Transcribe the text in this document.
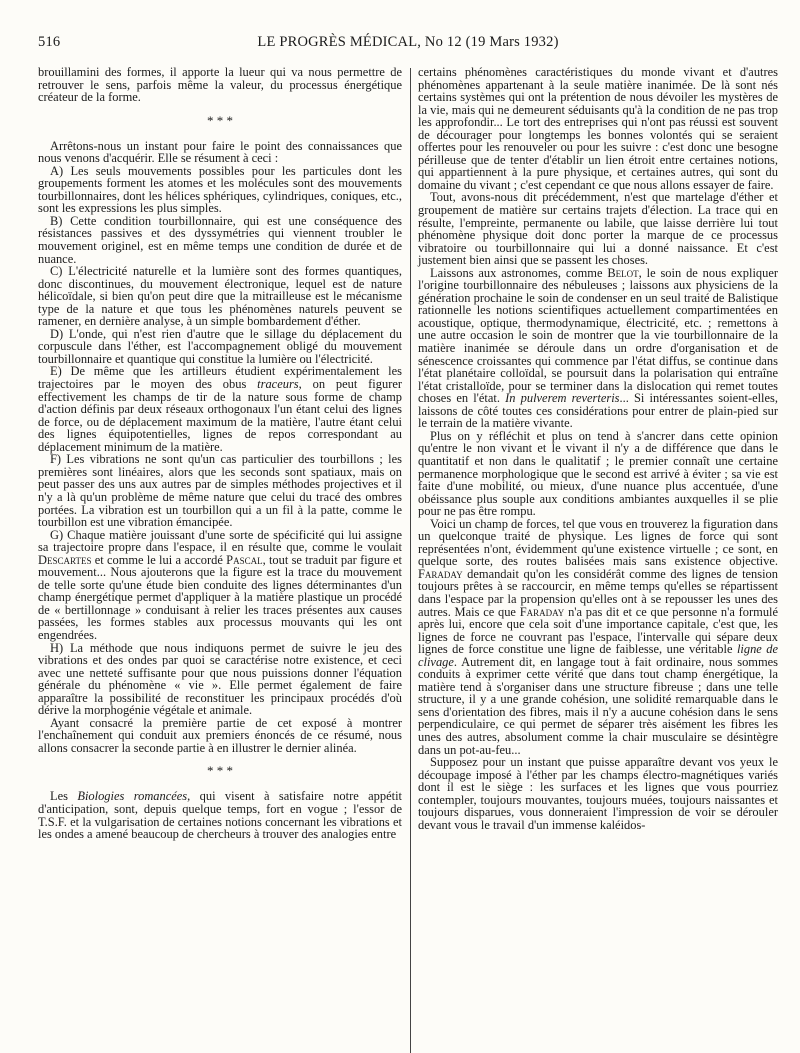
516	LE PROGRÈS MÉDICAL, No 12 (19 Mars 1932)

brouillamini des formes, il apporte la lueur qui va nous permettre de retrouver le sens, parfois même la valeur, du processus énergétique créateur de la forme.

* * *

Arrêtons-nous un instant pour faire le point des connaissances que nous venons d'acquérir. Elle se résument à ceci :

A) Les seuls mouvements possibles pour les particules dont les groupements forment les atomes et les molécules sont des mouvements tourbillonnaires, dont les hélices sphériques, cylindriques, coniques, etc., sont les expressions les plus simples.

B) Cette condition tourbillonnaire, qui est une conséquence des résistances passives et des dyssymétries qui viennent troubler le mouvement originel, est en même temps une condition de durée et de nuance.

C) L'électricité naturelle et la lumière sont des formes quantiques, donc discontinues, du mouvement électronique, lequel est de nature hélicoïdale, si bien qu'on peut dire que la mitrailleuse est le mécanisme type de la nature et que tous les phénomènes naturels peuvent se ramener, en dernière analyse, à un simple bombardement d'éther.

D) L'onde, qui n'est rien d'autre que le sillage du déplacement du corpuscule dans l'éther, est l'accompagnement obligé du mouvement tourbillonnaire et quantique qui constitue la lumière ou l'électricité.

E) De même que les artilleurs étudient expérimentalement les trajectoires par le moyen des obus traceurs, on peut figurer effectivement les champs de tir de la nature sous forme de champ d'action définis par deux réseaux orthogonaux l'un étant celui des lignes de force, ou de déplacement maximum de la matière, l'autre étant celui des lignes équipotentielles, lignes de repos correspondant au déplacement minimum de la matière.

F) Les vibrations ne sont qu'un cas particulier des tourbillons ; les premières sont linéaires, alors que les seconds sont spatiaux, mais on peut passer des uns aux autres par de simples méthodes projectives et il n'y a là qu'un problème de même nature que celui du tracé des ombres portées. La vibration est un tourbillon qui a un fil à la patte, comme le tourbillon est une vibration émancipée.

G) Chaque matière jouissant d'une sorte de spécificité qui lui assigne sa trajectoire propre dans l'espace, il en résulte que, comme le voulait Descartes et comme le lui a accordé Pascal, tout se traduit par figure et mouvement... Nous ajouterons que la figure est la trace du mouvement de telle sorte qu'une étude bien conduite des lignes déterminantes d'un champ énergétique permet d'appliquer à la matière plastique un procédé de « bertillonnage » conduisant à relier les traces présentes aux causes passées, les formes stables aux processus mouvants qui les ont engendrées.

H) La méthode que nous indiquons permet de suivre le jeu des vibrations et des ondes par quoi se caractérise notre existence, et ceci avec une netteté suffisante pour que nous puissions donner l'équation générale du phénomène « vie ». Elle permet également de faire apparaître la possibilité de reconstituer les principaux procédés d'où dérive la morphogénie végétale et animale.

Ayant consacré la première partie de cet exposé à montrer l'enchaînement qui conduit aux premiers énoncés de ce résumé, nous allons consacrer la seconde partie à en illustrer le dernier alinéa.

* * *

Les Biologies romancées, qui visent à satisfaire notre appétit d'anticipation, sont, depuis quelque temps, fort en vogue ; l'essor de T.S.F. et la vulgarisation de certaines notions concernant les vibrations et les ondes a amené beaucoup de chercheurs à trouver des analogies entre

certains phénomènes caractéristiques du monde vivant et d'autres phénomènes appartenant à la seule matière inanimée. De là sont nés certains systèmes qui ont la prétention de nous dévoiler les mystères de la vie, mais qui ne demeurent séduisants qu'à la condition de ne pas trop les approfondir... Le tort des entreprises qui n'ont pas réussi est souvent de décourager pour longtemps les bonnes volontés qui se seraient offertes pour les renouveler ou pour les suivre : c'est donc une besogne périlleuse que de tenter d'établir un lien étroit entre certaines notions, qui appartiennent à la pure physique, et certaines autres, qui sont du domaine du vivant ; c'est cependant ce que nous allons essayer de faire.

Tout, avons-nous dit précédemment, n'est que martelage d'éther et groupement de matière sur certains trajets d'élection. La trace qui en résulte, l'empreinte, permanente ou labile, que laisse derrière lui tout phénomène physique doit donc porter la marque de ce processus vibratoire ou tourbillonnaire qui lui a donné naissance. Et c'est justement bien ainsi que se passent les choses.

Laissons aux astronomes, comme Belot, le soin de nous expliquer l'origine tourbillonnaire des nébuleuses ; laissons aux physiciens de la génération prochaine le soin de condenser en un seul traité de Balistique rationnelle les notions scientifiques actuellement compartimentées en acoustique, optique, thermodynamique, électricité, etc. ; remettons à une autre occasion le soin de montrer que la vie tourbillonnaire de la matière inanimée se déroule dans un ordre d'organisation et de sénescence croissantes qui commence par l'état diffus, se continue dans l'état planétaire colloïdal, se poursuit dans la polarisation qui entraîne l'état cristalloïde, pour se terminer dans la dislocation qui remet toutes choses en l'état. In pulverem reverteris... Si intéressantes soient-elles, laissons de côté toutes ces considérations pour entrer de plain-pied sur le terrain de la matière vivante.

Plus on y réfléchit et plus on tend à s'ancrer dans cette opinion qu'entre le non vivant et le vivant il n'y a de différence que dans le quantitatif et non dans le qualitatif ; le premier connaît une certaine permanence morphologique que le second est arrivé à éviter ; sa vie est faite d'une mobilité, ou mieux, d'une nuance plus accentuée, d'une obéissance plus souple aux conditions ambiantes auxquelles il se plie pour ne pas être rompu.

Voici un champ de forces, tel que vous en trouverez la figuration dans un quelconque traité de physique. Les lignes de force qui sont représentées n'ont, évidemment qu'une existence virtuelle ; ce sont, en quelque sorte, des routes balisées mais sans existence objective. Faraday demandait qu'on les considérât comme des lignes de tension toujours prêtes à se raccourcir, en même temps qu'elles se répartissent dans l'espace par la propension qu'elles ont à se repousser les unes des autres. Mais ce que Faraday n'a pas dit et ce que personne n'a formulé après lui, encore que cela soit d'une importance capitale, c'est que, les lignes de force ne couvrant pas l'espace, l'intervalle qui sépare deux lignes de force constitue une ligne de faiblesse, une véritable ligne de clivage. Autrement dit, en langage tout à fait ordinaire, nous sommes conduits à exprimer cette vérité que dans tout champ énergétique, la matière tend à s'organiser dans une structure fibreuse ; dans une telle structure, il y a une grande cohésion, une solidité remarquable dans le sens d'orientation des fibres, mais il n'y a aucune cohésion dans le sens perpendiculaire, ce qui permet de séparer très aisément les fibres les unes des autres, absolument comme la chair musculaire se désintègre dans un pot-au-feu...

Supposez pour un instant que puisse apparaître devant vos yeux le découpage imposé à l'éther par les champs électro-magnétiques variés dont il est le siège : les surfaces et les lignes que vous pourriez contempler, toujours mouvantes, toujours muées, toujours naissantes et toujours disparues, vous donneraient l'impression de voir se dérouler devant vous le travail d'un immense kaléidos-
